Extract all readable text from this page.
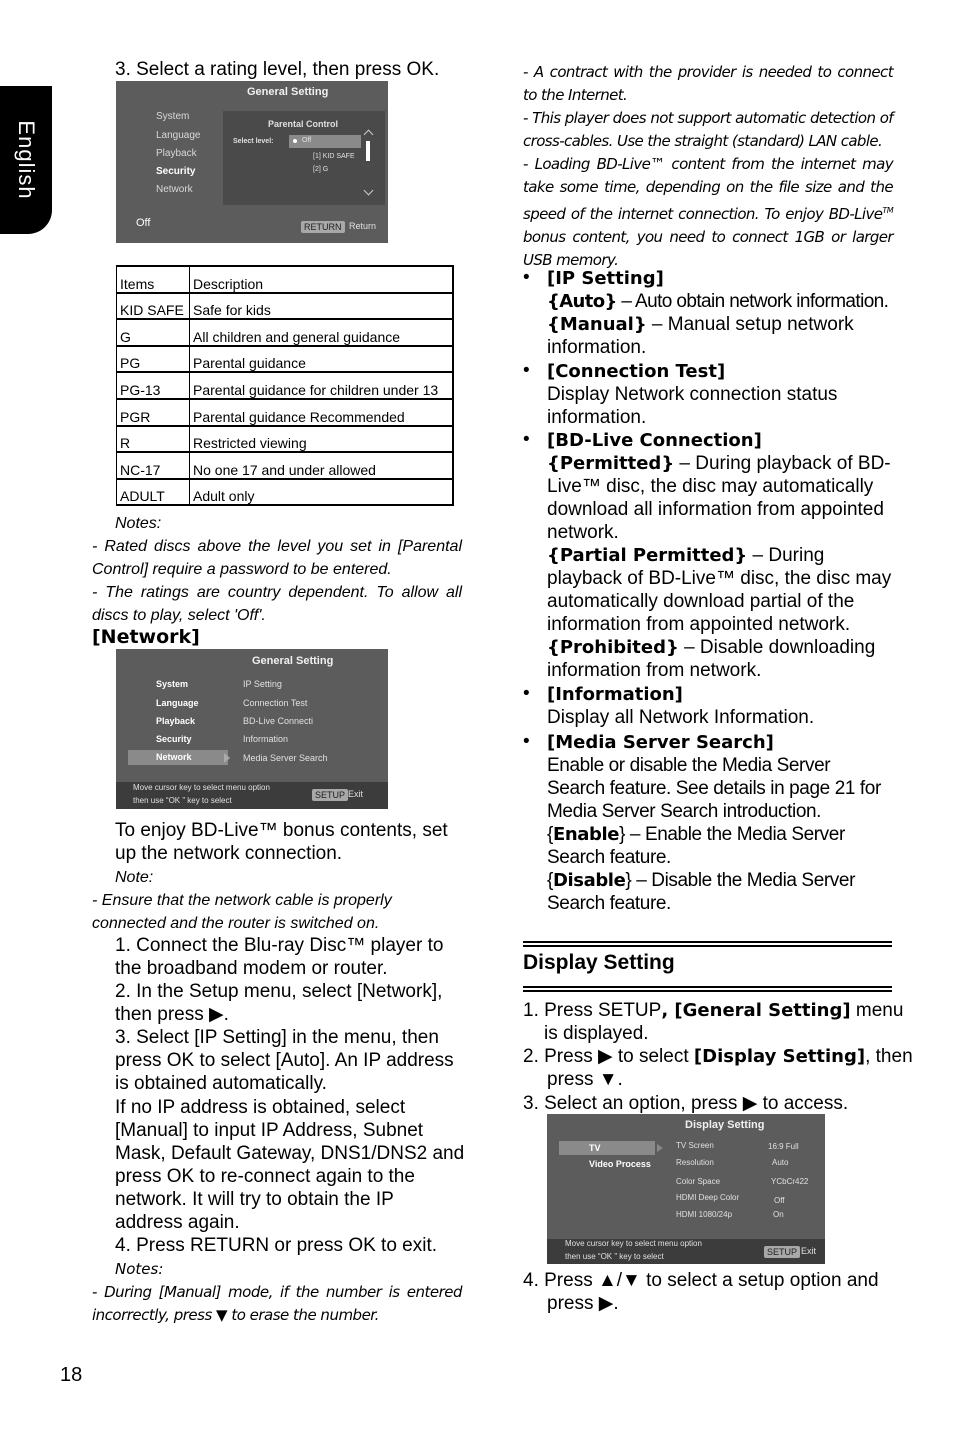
English
3. Select a rating level, then press OK.
General Setting
System
Language
Playback
Security
Network
Parental Control
Select level:	Off
[1] KID SAFE
[2] G
Off	RETURN Return
Items	Description
KID SAFE	Safe for kids
G	All children and general guidance
PG	Parental guidance
PG-13	Parental guidance for children under 13
PGR	Parental guidance Recommended
R	Restricted viewing
NC-17	No one 17 and under allowed
ADULT	Adult only
Notes:
- Rated discs above the level you set in [Parental Control] require a password to be entered.
- The ratings are country dependent. To allow all discs to play, select 'Off'.
[Network]
General Setting
System
Language
Playback
Security
Network
IP Setting
Connection Test
BD-Live Connecti
Information
Media Server Search
Move cursor key to select menu option
then use “OK ” key to select
SETUP Exit
To enjoy BD-Live™ bonus contents, set up the network connection.
Note:
- Ensure that the network cable is properly connected and the router is switched on.
1. Connect the Blu-ray Disc™ player to the broadband modem or router.
2. In the Setup menu, select [Network], then press ▶.
3. Select [IP Setting] in the menu, then press OK to select [Auto]. An IP address is obtained automatically.
If no IP address is obtained, select [Manual] to input IP Address, Subnet Mask, Default Gateway, DNS1/DNS2 and press OK to re-connect again to the network. It will try to obtain the IP address again.
4. Press RETURN or press OK to exit.
Notes:
- During [Manual] mode, if the number is entered incorrectly, press ▼ to erase the number.
18
- A contract with the provider is needed to connect to the Internet.
- This player does not support automatic detection of cross-cables. Use the straight (standard) LAN cable.
- Loading BD-Live™ content from the internet may take some time, depending on the file size and the speed of the internet connection. To enjoy BD-Live™ bonus content, you need to connect 1GB or larger USB memory.
• [IP Setting]
{Auto} – Auto obtain network information.
{Manual} – Manual setup network information.
• [Connection Test]
Display Network connection status information.
• [BD-Live Connection]
{Permitted} – During playback of BD-Live™ disc, the disc may automatically download all information from appointed network.
{Partial Permitted} – During playback of BD-Live™ disc, the disc may automatically download partial of the information from appointed network.
{Prohibited} – Disable downloading information from network.
• [Information]
Display all Network Information.
• [Media Server Search]
Enable or disable the Media Server Search feature. See details in page 21 for Media Server Search introduction.
{Enable} – Enable the Media Server Search feature.
{Disable} – Disable the Media Server Search feature.
Display Setting
1. Press SETUP, [General Setting] menu is displayed.
2. Press ▶ to select [Display Setting], then press ▼.
3. Select an option, press ▶ to access.
Display Setting
TV
Video Process
TV Screen
Resolution
Color Space
HDMI Deep Color
HDMI 1080/24p
16:9 Full
Auto
YCbCr422
Off
On
Move cursor key to select menu option
then use “OK ” key to select	SETUP Exit
4. Press ▲/▼ to select a setup option and press ▶.
